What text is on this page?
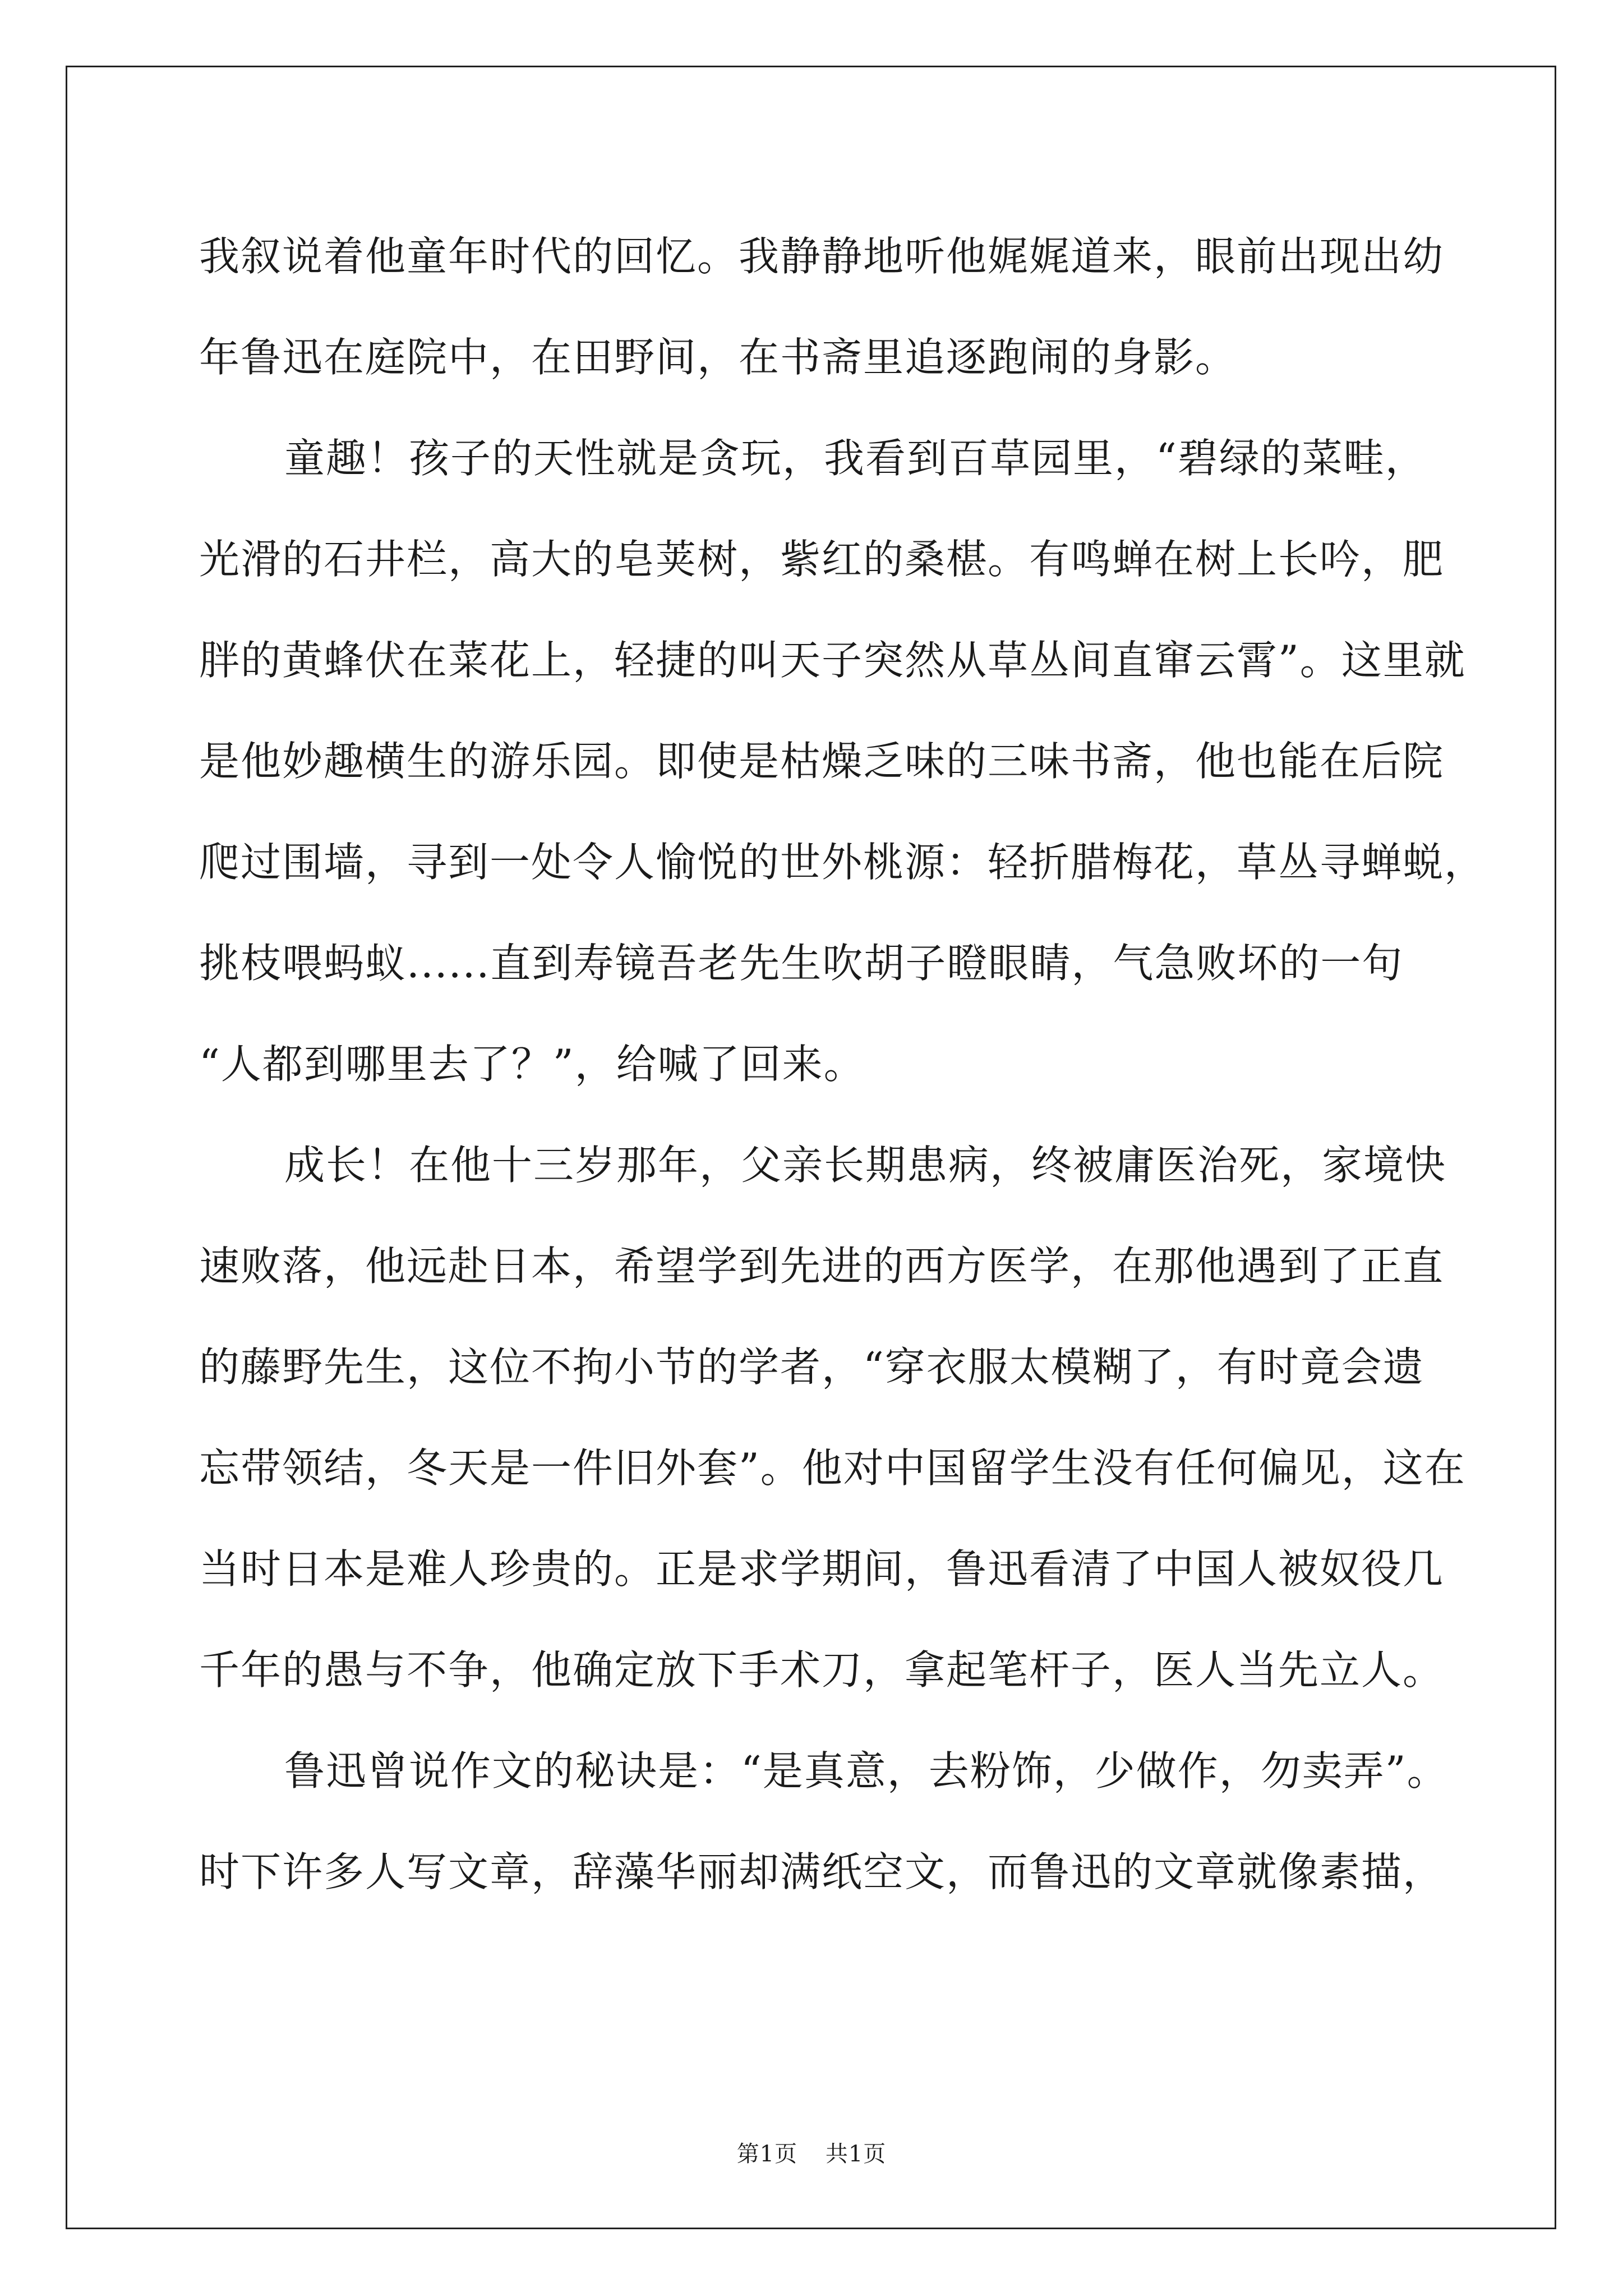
我叙说着他童年时代的回忆。我静静地听他娓娓道来，眼前出现出幼
年鲁迅在庭院中，在田野间，在书斋里追逐跑闹的身影。
童趣！孩子的天性就是贪玩，我看到百草园里，“碧绿的菜畦，
光滑的石井栏，高大的皂荚树，紫红的桑椹。有鸣蝉在树上长吟，肥
胖的黄蜂伏在菜花上，轻捷的叫天子突然从草丛间直窜云霄”。这里就
是他妙趣横生的游乐园。即使是枯燥乏味的三味书斋，他也能在后院
爬过围墙，寻到一处令人愉悦的世外桃源：轻折腊梅花，草丛寻蝉蜕，
挑枝喂蚂蚁......直到寿镜吾老先生吹胡子瞪眼睛，气急败坏的一句
“人都到哪里去了？”，给喊了回来。
成长！在他十三岁那年，父亲长期患病，终被庸医治死，家境快
速败落，他远赴日本，希望学到先进的西方医学，在那他遇到了正直
的藤野先生，这位不拘小节的学者，“穿衣服太模糊了，有时竟会遗
忘带领结，冬天是一件旧外套”。他对中国留学生没有任何偏见，这在
当时日本是难人珍贵的。正是求学期间，鲁迅看清了中国人被奴役几
千年的愚与不争，他确定放下手术刀，拿起笔杆子，医人当先立人。
鲁迅曾说作文的秘诀是：“是真意，去粉饰，少做作，勿卖弄”。
时下许多人写文章，辞藻华丽却满纸空文，而鲁迅的文章就像素描，
第1页 共1页
